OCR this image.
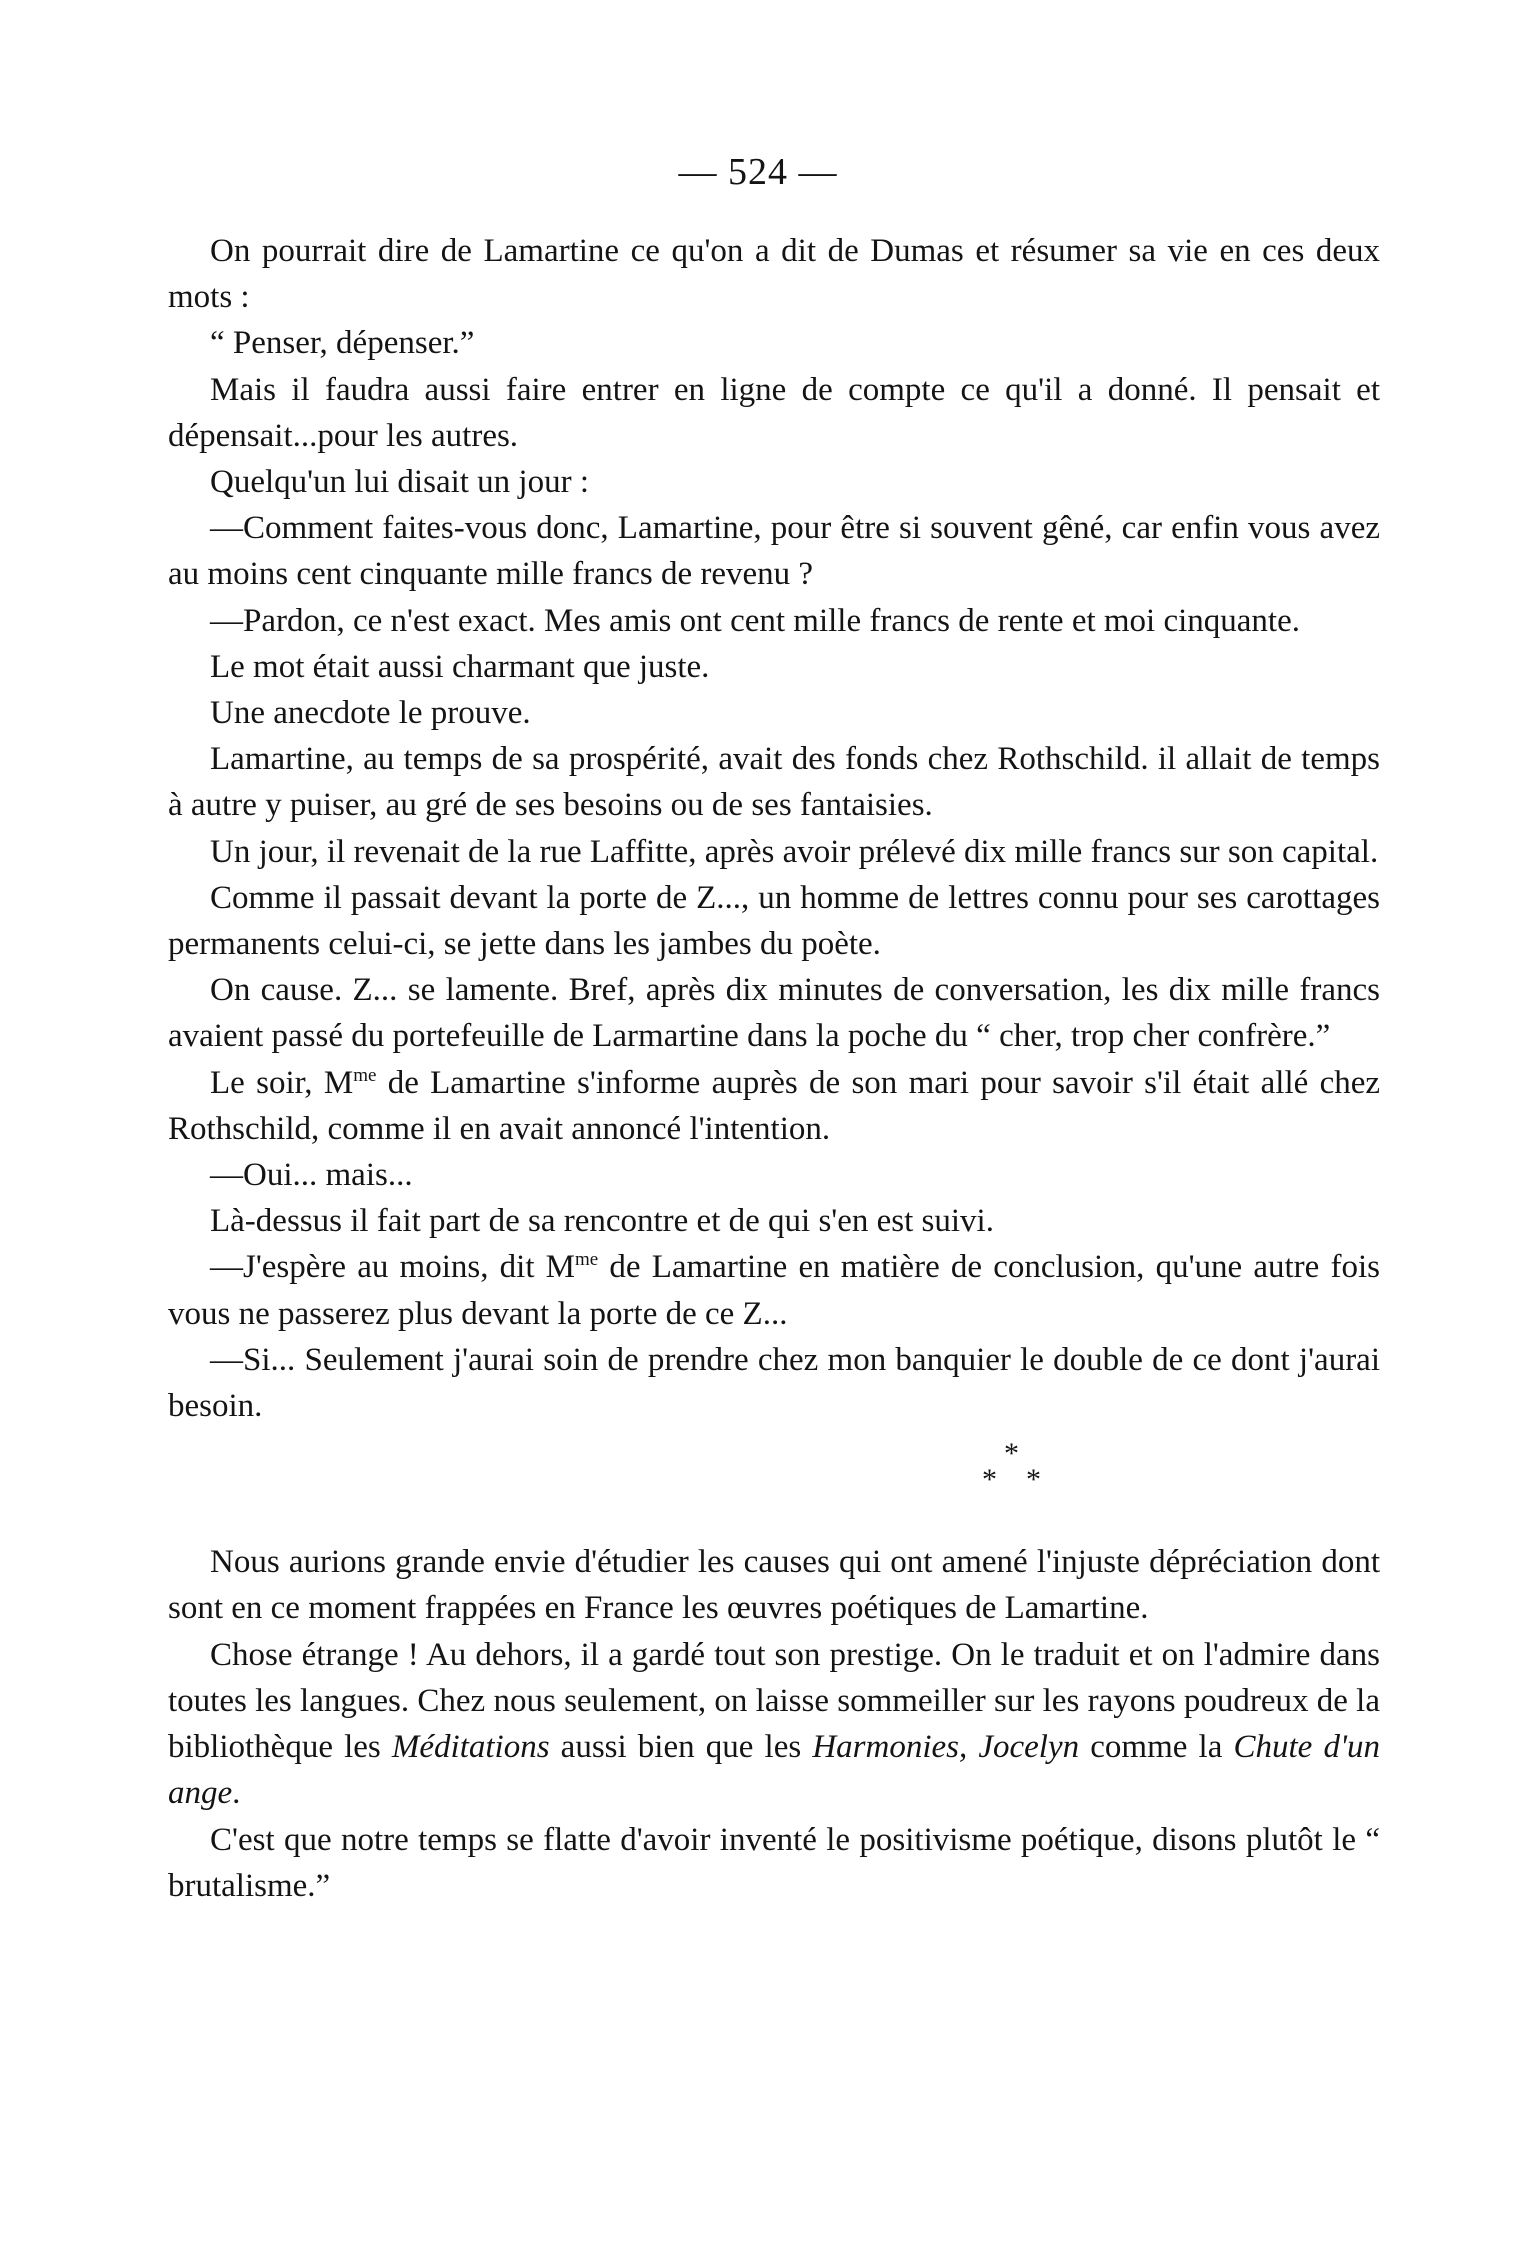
— 524 —

On pourrait dire de Lamartine ce qu'on a dit de Dumas et résumer sa vie en ces deux mots :

“ Penser, dépenser.”

Mais il faudra aussi faire entrer en ligne de compte ce qu'il a donné. Il pensait et dépensait...pour les autres.

Quelqu'un lui disait un jour :

—Comment faites-vous donc, Lamartine, pour être si souvent gêné, car enfin vous avez au moins cent cinquante mille francs de revenu ?

—Pardon, ce n'est exact. Mes amis ont cent mille francs de rente et moi cinquante.

Le mot était aussi charmant que juste.

Une anecdote le prouve.

Lamartine, au temps de sa prospérité, avait des fonds chez Rothschild. il allait de temps à autre y puiser, au gré de ses besoins ou de ses fantaisies.

Un jour, il revenait de la rue Laffitte, après avoir prélevé dix mille francs sur son capital.

Comme il passait devant la porte de Z..., un homme de lettres connu pour ses carottages permanents celui-ci, se jette dans les jambes du poète.

On cause. Z... se lamente. Bref, après dix minutes de conversation, les dix mille francs avaient passé du portefeuille de Larmartine dans la poche du “ cher, trop cher confrère.”

Le soir, $M^{me}$ de Lamartine s'informe auprès de son mari pour savoir s'il était allé chez Rothschild, comme il en avait annoncé l'intention.

—Oui... mais...

Là-dessus il fait part de sa rencontre et de qui s'en est suivi.

—J'espère au moins, dit $M^{me}$ de Lamartine en matière de conclusion, qu'une autre fois vous ne passerez plus devant la porte de ce Z...

—Si... Seulement j'aurai soin de prendre chez mon banquier le double de ce dont j'aurai besoin.

*
* *

Nous aurions grande envie d'étudier les causes qui ont amené l'injuste dépréciation dont sont en ce moment frappées en France les œuvres poétiques de Lamartine.

Chose étrange ! Au dehors, il a gardé tout son prestige. On le traduit et on l'admire dans toutes les langues. Chez nous seulement, on laisse sommeiller sur les rayons poudreux de la bibliothèque les Méditations aussi bien que les Harmonies, Jocelyn comme la Chute d'un ange.

C'est que notre temps se flatte d'avoir inventé le positivisme poétique, disons plutôt le “ brutalisme.”
